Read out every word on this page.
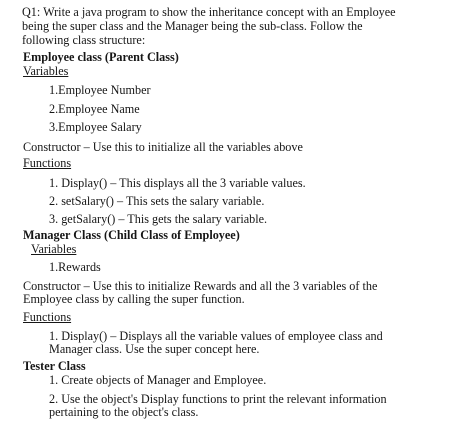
Q1: Write a java program to show the inheritance concept with an Employee
being the super class and the Manager being the sub-class. Follow the
following class structure:
Employee class (Parent Class)
Variables
1.Employee Number
2.Employee Name
3.Employee Salary
Constructor – Use this to initialize all the variables above
Functions
1. Display() – This displays all the 3 variable values.
2. setSalary() – This sets the salary variable.
3. getSalary() – This gets the salary variable.
Manager Class (Child Class of Employee)
Variables
1.Rewards
Constructor – Use this to initialize Rewards and all the 3 variables of the
Employee class by calling the super function.
Functions
1. Display() – Displays all the variable values of employee class and
Manager class. Use the super concept here.
Tester Class
1. Create objects of Manager and Employee.
2. Use the object's Display functions to print the relevant information
pertaining to the object's class.
